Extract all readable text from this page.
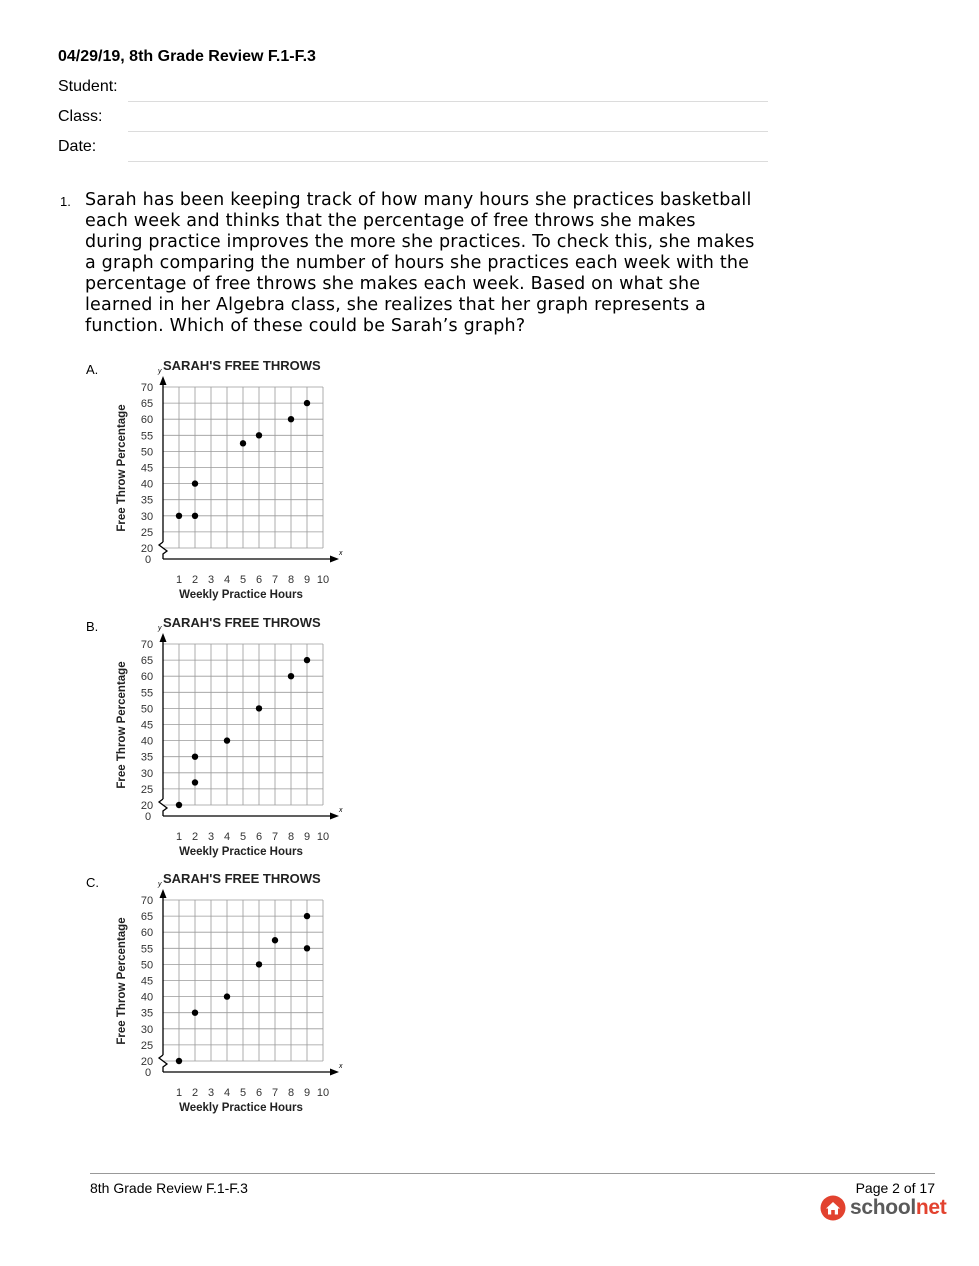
04/29/19, 8th Grade Review F.1-F.3
Student:
Class:
Date:
1. Sarah has been keeping track of how many hours she practices basketball
each week and thinks that the percentage of free throws she makes
during practice improves the more she practices. To check this, she makes
a graph comparing the number of hours she practices each week with the
percentage of free throws she makes each week. Based on what she
learned in her Algebra class, she realizes that her graph represents a
function. Which of these could be Sarah’s graph?
A.	y
x
SARAH'S FREE THROWS
Weekly Practice Hours
Free Throw Percentage
20
25
30
35
40
45
50
55
60
65
70
0
1 2 3 4 5 6 7 8 9 10
B.	y
x
SARAH'S FREE THROWS
Weekly Practice Hours
Free Throw Percentage
20
25
30
35
40
45
50
55
60
65
70
0
1 2 3 4 5 6 7 8 9 10
C.	y
x
SARAH'S FREE THROWS
Weekly Practice Hours
Free Throw Percentage
20
25
30
35
40
45
50
55
60
65
70
0
1 2 3 4 5 6 7 8 9 10
8th Grade Review F.1-F.3	Page 2 of 17
schoolnet
